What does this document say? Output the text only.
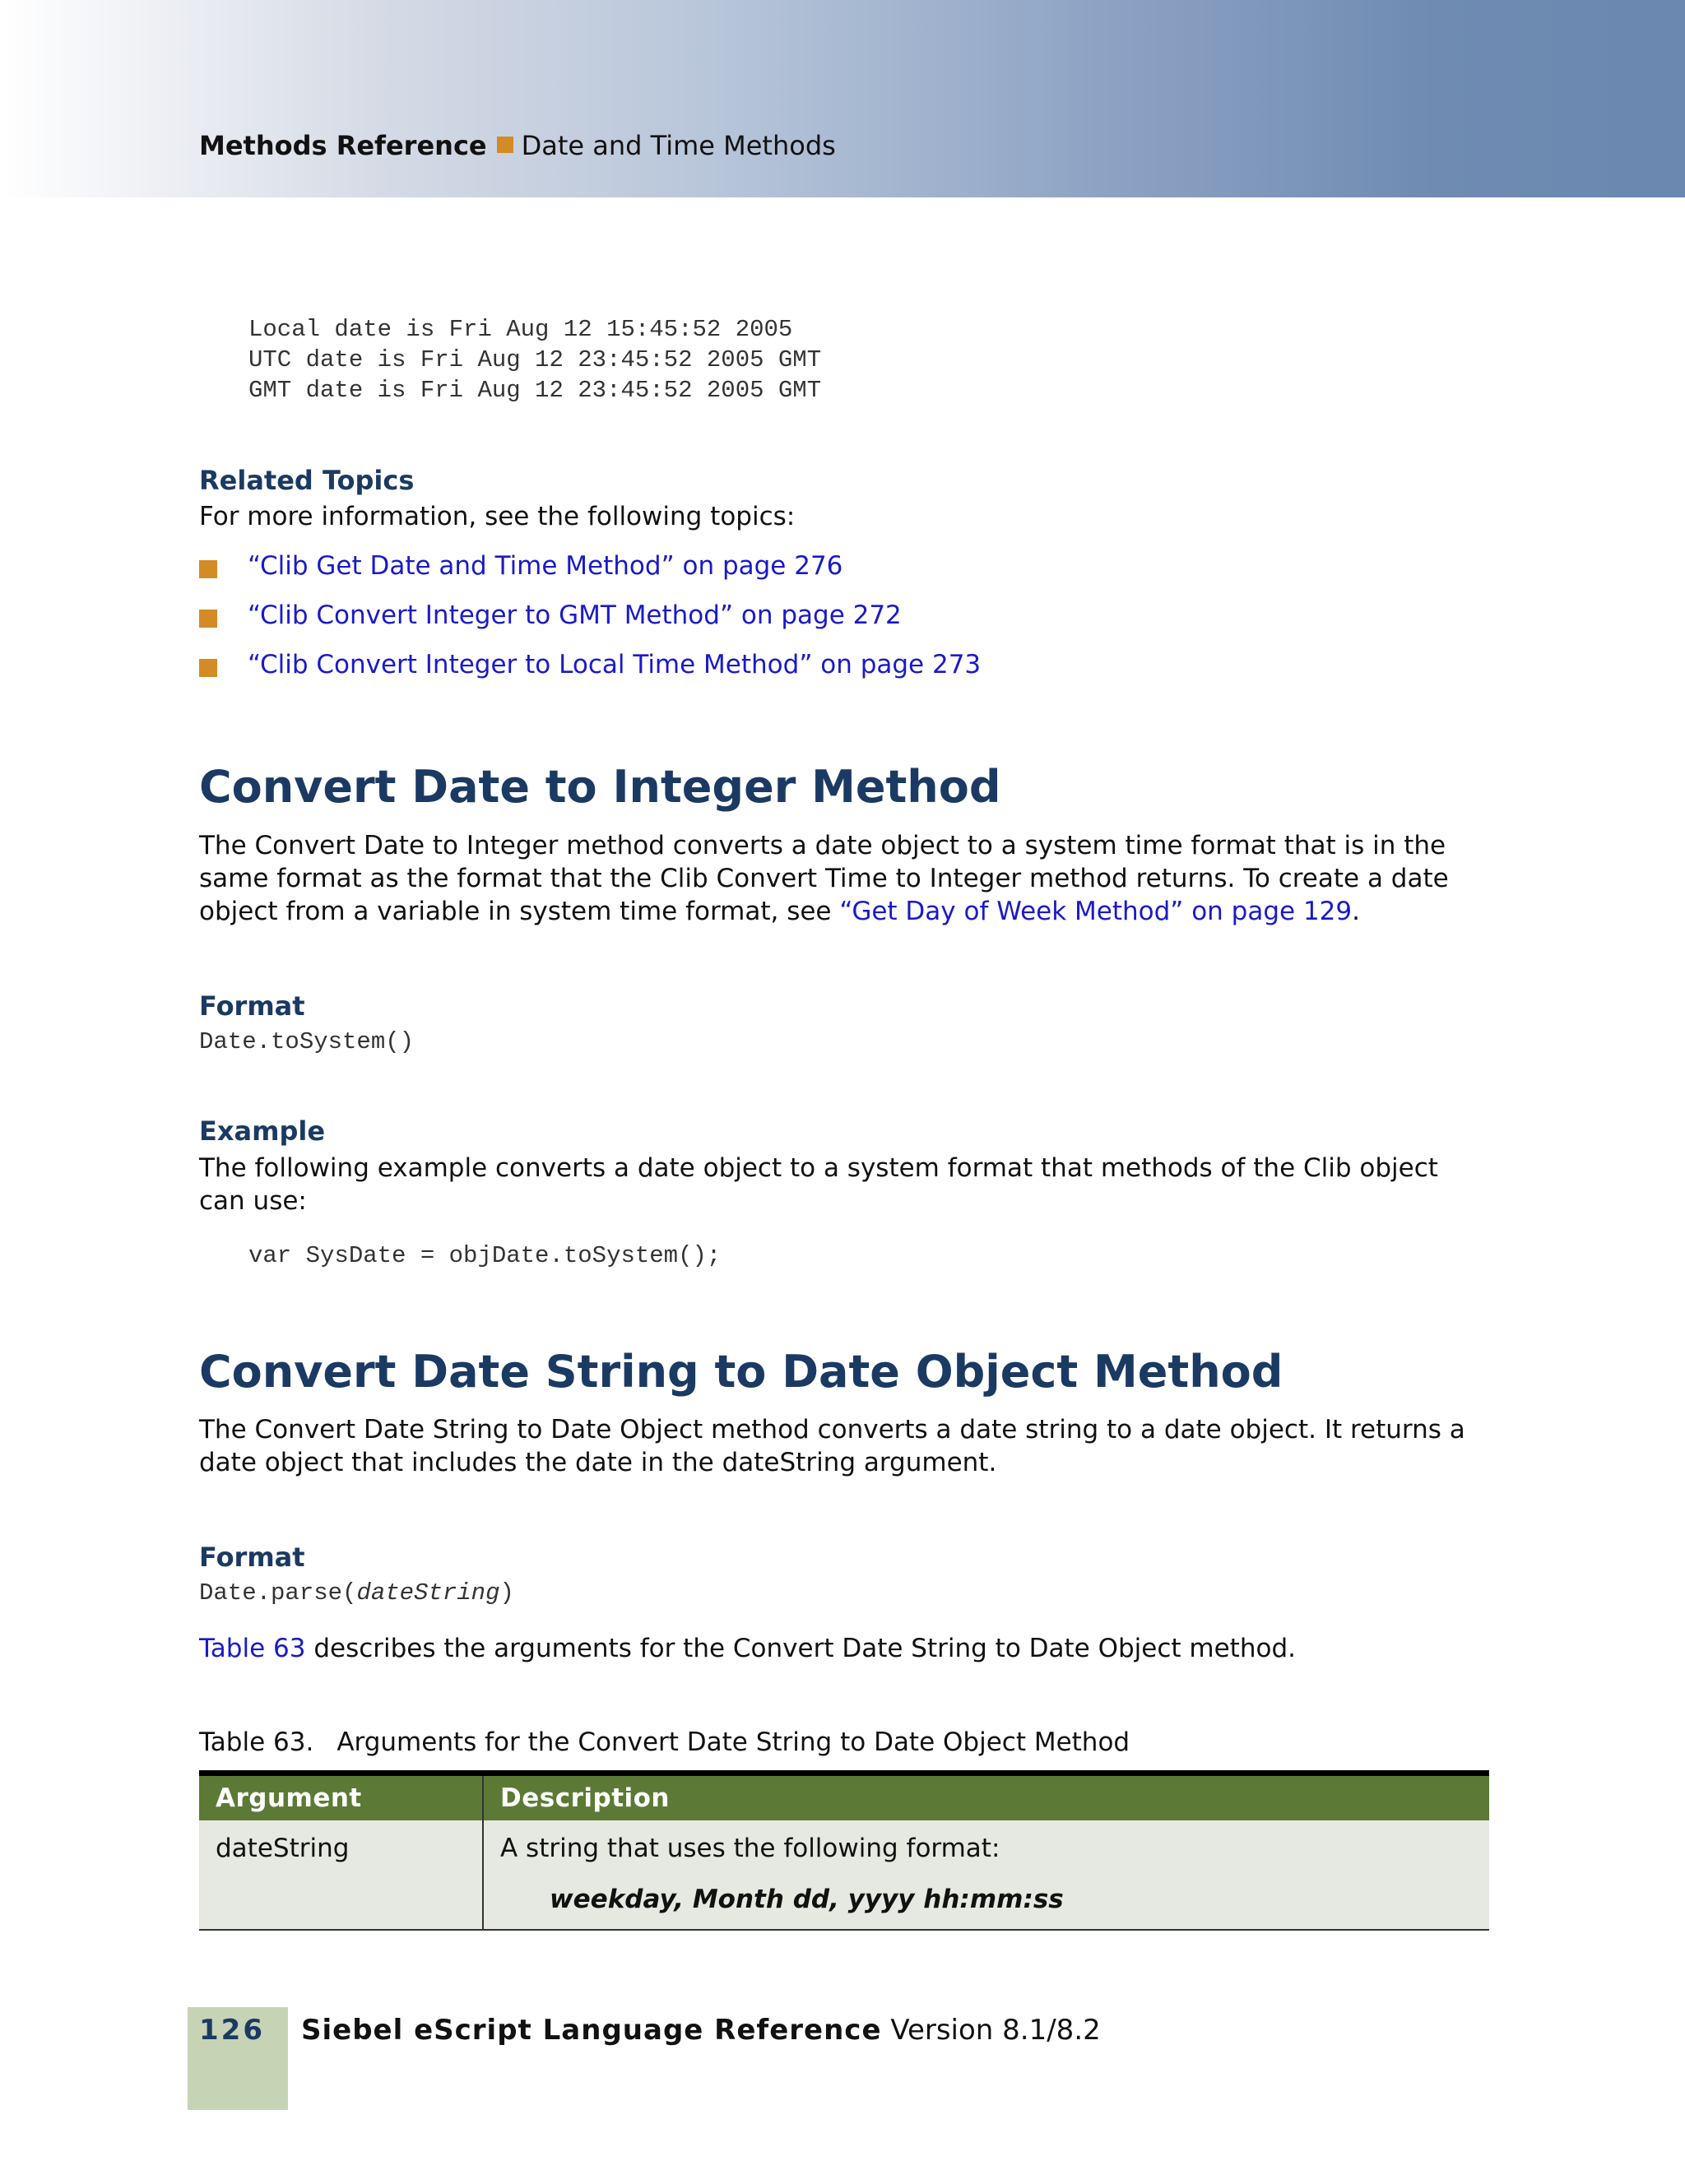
Methods Reference Date and Time Methods
Local date is Fri Aug 12 15:45:52 2005
UTC date is Fri Aug 12 23:45:52 2005 GMT
GMT date is Fri Aug 12 23:45:52 2005 GMT
Related Topics
For more information, see the following topics:
“Clib Get Date and Time Method” on page 276
“Clib Convert Integer to GMT Method” on page 272
“Clib Convert Integer to Local Time Method” on page 273
Convert Date to Integer Method
The Convert Date to Integer method converts a date object to a system time format that is in the same format as the format that the Clib Convert Time to Integer method returns. To create a date object from a variable in system time format, see “Get Day of Week Method” on page 129.
Format
Date.toSystem()
Example
The following example converts a date object to a system format that methods of the Clib object can use:
var SysDate = objDate.toSystem();
Convert Date String to Date Object Method
The Convert Date String to Date Object method converts a date string to a date object. It returns a date object that includes the date in the dateString argument.
Format
Date.parse(dateString)
Table 63 describes the arguments for the Convert Date String to Date Object method.
Table 63. Arguments for the Convert Date String to Date Object Method
Argument	Description
dateString	A string that uses the following format:
weekday, Month dd, yyyy hh:mm:ss
126 Siebel eScript Language Reference Version 8.1/8.2
